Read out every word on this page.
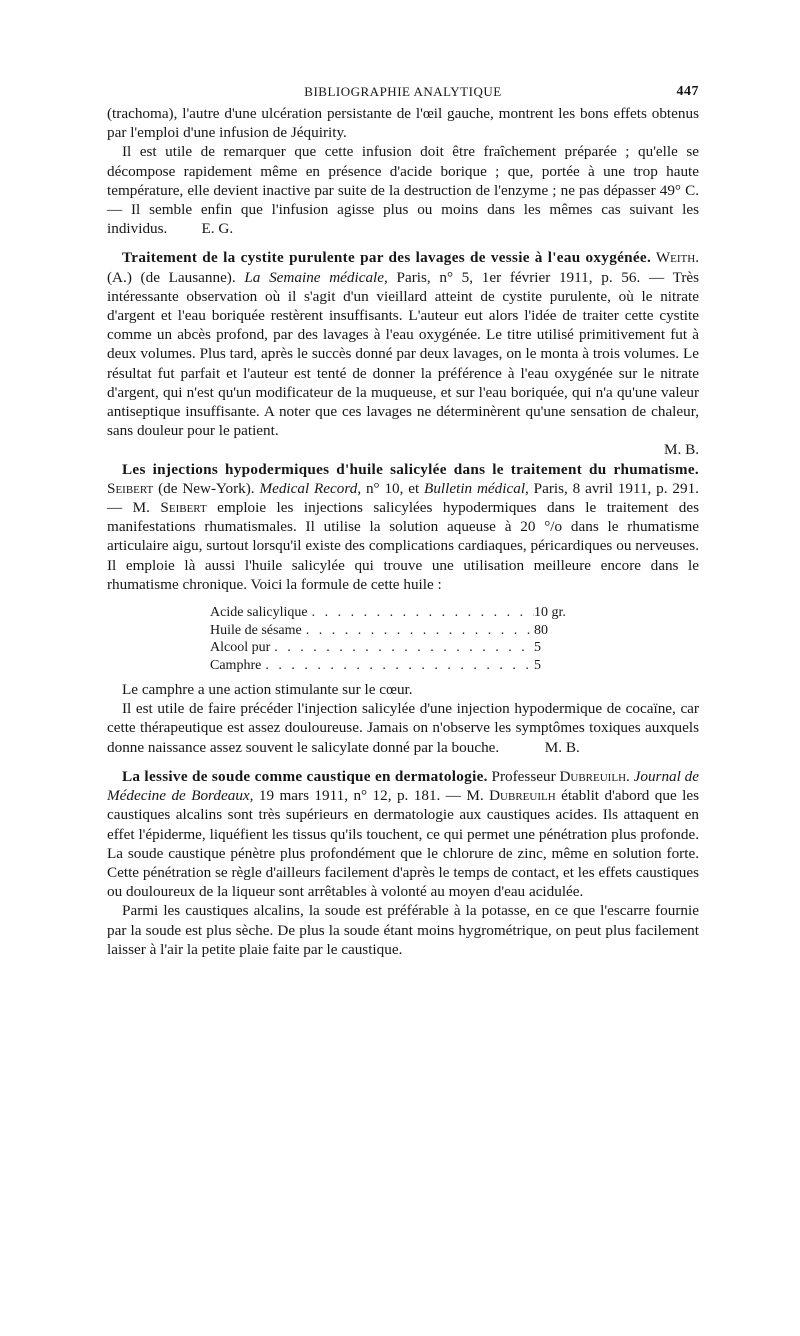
BIBLIOGRAPHIE ANALYTIQUE	447

(trachoma), l'autre d'une ulcération persistante de l'œil gauche, montrent les bons effets obtenus par l'emploi d'une infusion de Jéquirity.

Il est utile de remarquer que cette infusion doit être fraîchement préparée ; qu'elle se décompose rapidement même en présence d'acide borique ; que, portée à une trop haute température, elle devient inactive par suite de la destruction de l'enzyme ; ne pas dépasser 49° C. — Il semble enfin que l'infusion agisse plus ou moins dans les mêmes cas suivant les individus. E. G.

Traitement de la cystite purulente par des lavages de vessie à l'eau oxygénée. Weith.(A.) (de Lausanne). La Semaine médicale, Paris, n° 5, 1er février 1911, p. 56. — Très intéressante observation où il s'agit d'un vieillard atteint de cystite purulente, où le nitrate d'argent et l'eau boriquée restèrent insuffisants. L'auteur eut alors l'idée de traiter cette cystite comme un abcès profond, par des lavages à l'eau oxygénée. Le titre utilisé primitivement fut à deux volumes. Plus tard, après le succès donné par deux lavages, on le monta à trois volumes. Le résultat fut parfait et l'auteur est tenté de donner la préférence à l'eau oxygénée sur le nitrate d'argent, qui n'est qu'un modificateur de la muqueuse, et sur l'eau boriquée, qui n'a qu'une valeur antiseptique insuffisante. A noter que ces lavages ne déterminèrent qu'une sensation de chaleur, sans douleur pour le patient.

M. B.

Les injections hypodermiques d'huile salicylée dans le traitement du rhumatisme. Seibert (de New-York). Medical Record, n° 10, et Bulletin médical, Paris, 8 avril 1911, p. 291. — M. Seibert emploie les injections salicylées hypodermiques dans le traitement des manifestations rhumatismales. Il utilise la solution aqueuse à 20 °/o dans le rhumatisme articulaire aigu, surtout lorsqu'il existe des complications cardiaques, péricardiques ou nerveuses. Il emploie là aussi l'huile salicylée qui trouve une utilisation meilleure encore dans le rhumatisme chronique. Voici la formule de cette huile :

Acide salicylique . . .	10 gr.
Huile de sésame . . .	80
Alcool pur . . .	5
Camphre . . .	5

Le camphre a une action stimulante sur le cœur.

Il est utile de faire précéder l'injection salicylée d'une injection hypodermique de cocaïne, car cette thérapeutique est assez douloureuse. Jamais on n'observe les symptômes toxiques auxquels donne naissance assez souvent le salicylate donné par la bouche.	M. B.

La lessive de soude comme caustique en dermatologie. Professeur Dubreuilh. Journal de Médecine de Bordeaux, 19 mars 1911, n° 12, p. 181. — M. Dubreuilh établit d'abord que les caustiques alcalins sont très supérieurs en dermatologie aux caustiques acides. Ils attaquent en effet l'épiderme, liquéfient les tissus qu'ils touchent, ce qui permet une pénétration plus profonde. La soude caustique pénètre plus profondément que le chlorure de zinc, même en solution forte. Cette pénétration se règle d'ailleurs facilement d'après le temps de contact, et les effets caustiques ou douloureux de la liqueur sont arrêtables à volonté au moyen d'eau acidulée.

Parmi les caustiques alcalins, la soude est préférable à la potasse, en ce que l'escarre fournie par la soude est plus sèche. De plus la soude étant moins hygrométrique, on peut plus facilement laisser à l'air la petite plaie faite par le caustique.
